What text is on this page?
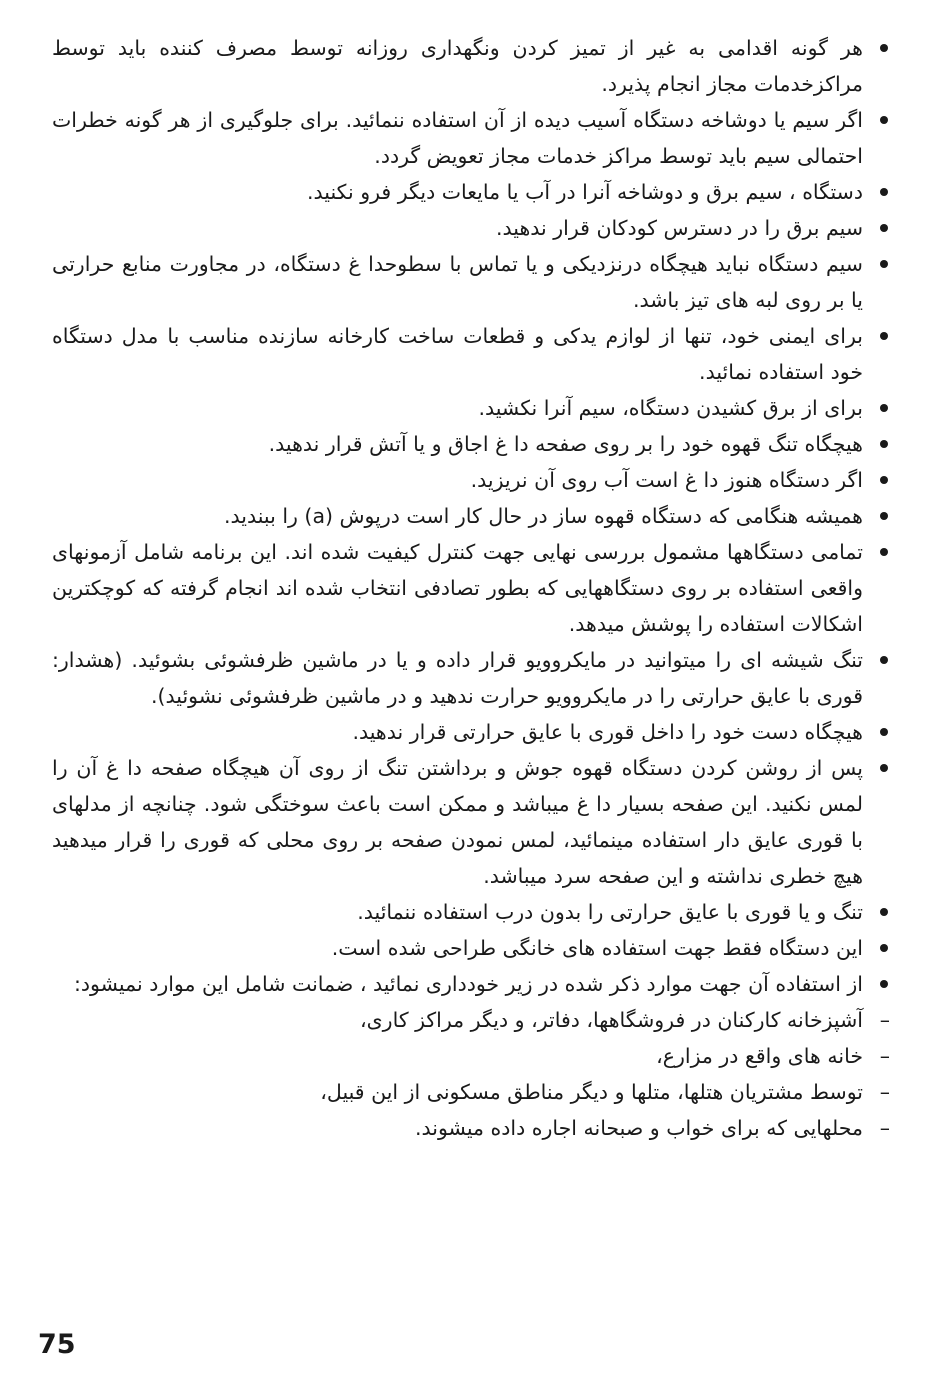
هر گونه اقدامی به غیر از تمیز کردن ونگهداری روزانه توسط مصرف کننده باید توسط مراکزخدمات مجاز انجام پذیرد.
اگر سیم یا دوشاخه دستگاه آسیب دیده از آن استفاده ننمائید. برای جلوگیری از هر گونه خطرات احتمالی سیم باید توسط مراکز خدمات مجاز تعویض گردد.
دستگاه ، سیم برق و دوشاخه آنرا در آب یا مایعات دیگر فرو نکنید.
سیم برق را در دسترس کودکان قرار ندهید.
سیم دستگاه نباید هیچگاه درنزدیکی و یا تماس با سطوحدا غ دستگاه، در مجاورت منابع حرارتی یا بر روی لبه های تیز باشد.
برای ایمنی خود، تنها از لوازم یدکی و قطعات ساخت کارخانه سازنده مناسب با مدل دستگاه خود استفاده نمائید.
برای از برق کشیدن دستگاه، سیم آنرا نکشید.
هیچگاه تنگ قهوه خود را بر روی صفحه دا غ اجاق و یا آتش قرار ندهید.
اگر دستگاه هنوز دا غ است آب روی آن نریزید.
همیشه هنگامی که دستگاه قهوه ساز در حال کار است درپوش (a) را ببندید.
تمامی دستگاهها مشمول بررسی نهایی جهت کنترل کیفیت شده اند. این برنامه شامل آزمونهای واقعی استفاده بر روی دستگاههایی که بطور تصادفی انتخاب شده اند انجام گرفته که کوچکترین اشکالات استفاده را پوشش میدهد.
تنگ شیشه ای را میتوانید در مایکروویو قرار داده و یا در ماشین ظرفشوئی بشوئید. (هشدار: قوری با عایق حرارتی را در مایکروویو حرارت ندهید و در ماشین ظرفشوئی نشوئید).
هیچگاه دست خود را داخل قوری با عایق حرارتی قرار ندهید.
پس از روشن کردن دستگاه قهوه جوش و برداشتن تنگ از روی آن هیچگاه صفحه دا غ آن را لمس نکنید. این صفحه بسیار دا غ میباشد و ممکن است باعث سوختگی شود. چنانچه از مدلهای با قوری عایق دار استفاده مینمائید، لمس نمودن صفحه بر روی محلی که قوری را قرار میدهید هیچ خطری نداشته و این صفحه سرد میباشد.
تنگ و یا قوری با عایق حرارتی را بدون درب استفاده ننمائید.
این دستگاه فقط جهت استفاده های خانگی طراحی شده است.
از استفاده آن جهت موارد ذکر شده در زیر خودداری نمائید ، ضمانت شامل این موارد نمیشود:
– آشپزخانه کارکنان در فروشگاهها، دفاتر، و دیگر مراکز کاری،
– خانه های واقع در مزارع،
– توسط مشتریان هتلها، متلها و دیگر مناطق مسکونی از این قبیل،
– محلهایی که برای خواب و صبحانه اجاره داده میشوند.
75
